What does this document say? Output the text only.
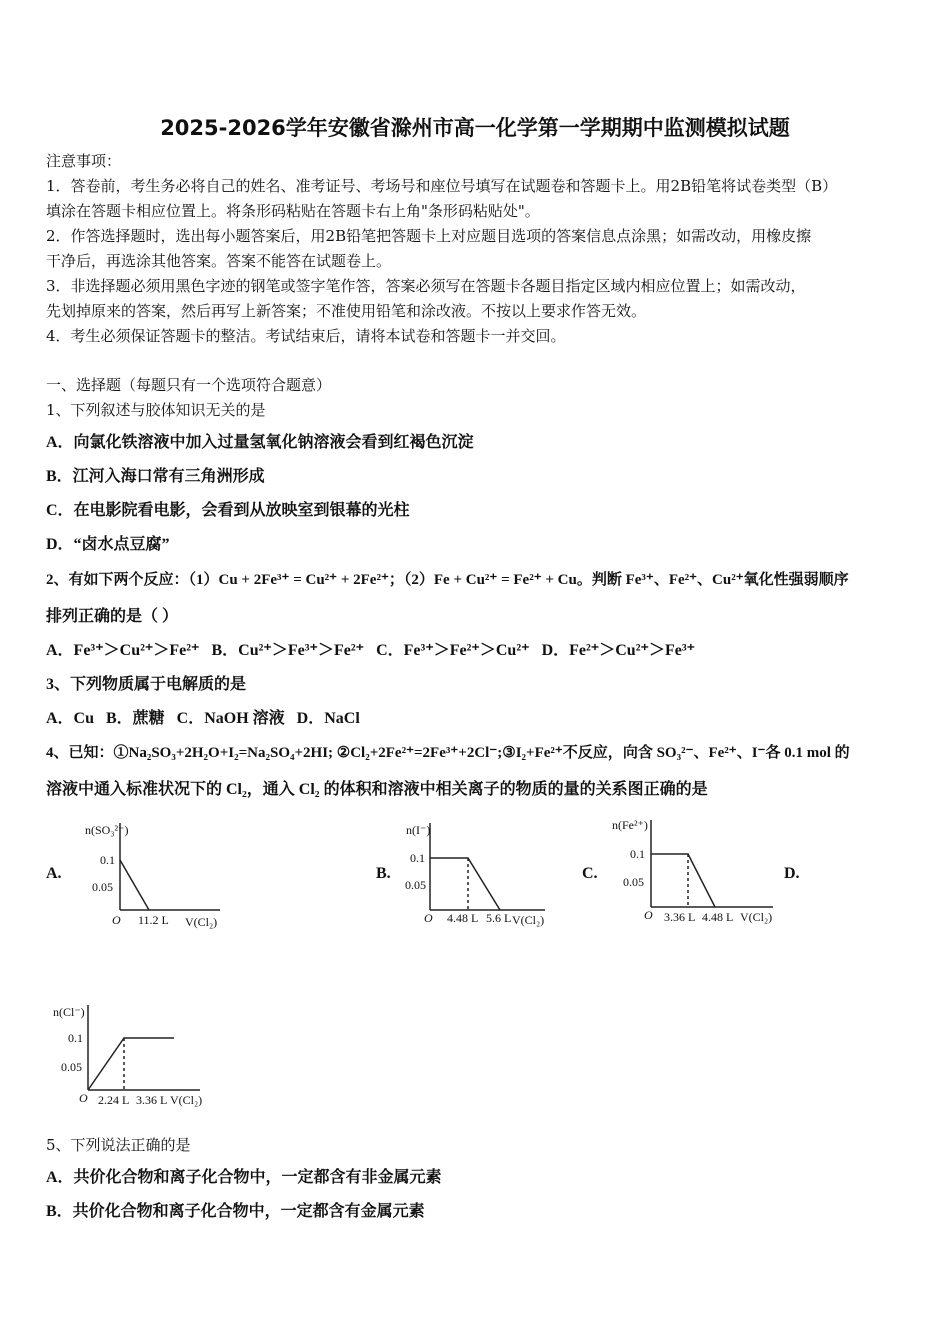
2025-2026学年安徽省滁州市高一化学第一学期期中监测模拟试题
注意事项：
1．答卷前，考生务必将自己的姓名、准考证号、考场号和座位号填写在试题卷和答题卡上。用2B铅笔将试卷类型（B）
填涂在答题卡相应位置上。将条形码粘贴在答题卡右上角"条形码粘贴处"。
2．作答选择题时，选出每小题答案后，用2B铅笔把答题卡上对应题目选项的答案信息点涂黑；如需改动，用橡皮擦
干净后，再选涂其他答案。答案不能答在试题卷上。
3．非选择题必须用黑色字迹的钢笔或签字笔作答，答案必须写在答题卡各题目指定区域内相应位置上；如需改动，
先划掉原来的答案，然后再写上新答案；不准使用铅笔和涂改液。不按以上要求作答无效。
4．考生必须保证答题卡的整洁。考试结束后，请将本试卷和答题卡一并交回。
一、选择题（每题只有一个选项符合题意）
1、下列叙述与胶体知识无关的是
A．向氯化铁溶液中加入过量氢氧化钠溶液会看到红褐色沉淀
B．江河入海口常有三角洲形成
C．在电影院看电影，会看到从放映室到银幕的光柱
D．“卤水点豆腐”
2、有如下两个反应：（1）Cu + 2Fe³⁺ = Cu²⁺ + 2Fe²⁺；（2）Fe + Cu²⁺ = Fe²⁺ + Cu。判断 Fe³⁺、Fe²⁺、Cu²⁺氧化性强弱顺序
排列正确的是（ ）
A．Fe³⁺＞Cu²⁺＞Fe²⁺   B．Cu²⁺＞Fe³⁺＞Fe²⁺   C．Fe³⁺＞Fe²⁺＞Cu²⁺   D．Fe²⁺＞Cu²⁺＞Fe³⁺
3、下列物质属于电解质的是
A．Cu   B．蔗糖   C．NaOH 溶液   D．NaCl
4、已知：①Na₂SO₃+2H₂O+I₂=Na₂SO₄+2HI; ②Cl₂+2Fe²⁺=2Fe³⁺+2Cl⁻;③I₂+Fe²⁺不反应，向含 SO₃²⁻、Fe²⁺、I⁻各 0.1 mol 的
溶液中通入标准状况下的 Cl₂，通入 Cl₂ 的体积和溶液中相关离子的物质的量的关系图正确的是
A.	B.	C.	D.
n(SO₃²⁻)
0.1
0.05
O 11.2 L V(Cl₂)
n(I⁻)
0.1
0.05
O 4.48 L 5.6 L V(Cl₂)
n(Fe²⁺)
0.1
0.05
O 3.36 L 4.48 L V(Cl₂)
n(Cl⁻)
0.1
0.05
O 2.24 L 3.36 L V(Cl₂)
5、下列说法正确的是
A．共价化合物和离子化合物中，一定都含有非金属元素
B．共价化合物和离子化合物中，一定都含有金属元素
